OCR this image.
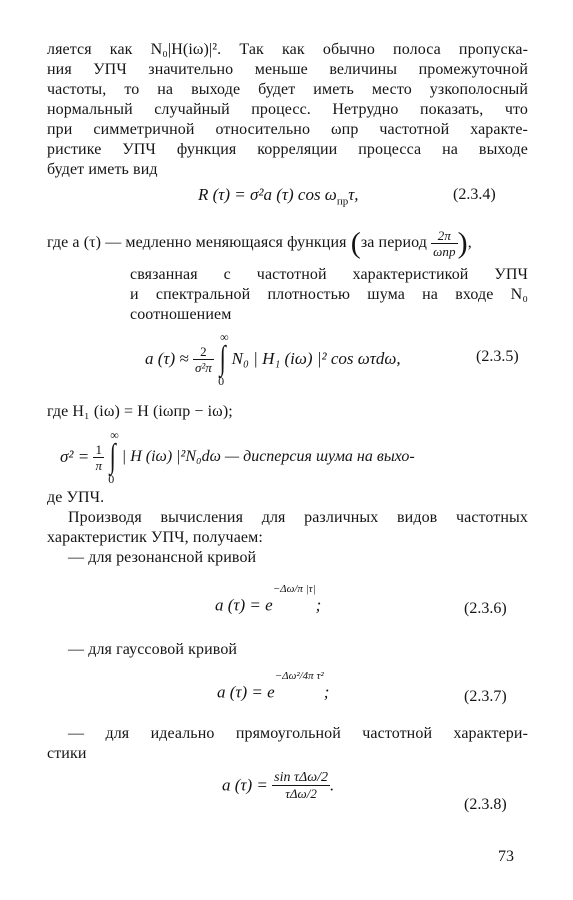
ляется как N₀|H(iω)|². Так как обычно полоса пропуска-
ния УПЧ значительно меньше величины промежуточной
частоты, то на выходе будет иметь место узкополосный
нормальный случайный процесс. Нетрудно показать, что
при симметричной относительно ωпр частотной характе-
ристике УПЧ функция корреляции процесса на выходе
будет иметь вид
R (τ) = σ²a (τ) $\cos \omega_{пр}\tau$,	(2.3.4)
где a (τ) — медленно меняющаяся функция (за период $\frac{2\pi}{\text{ωпр}}$ ),
связанная с частотной характеристикой УПЧ
и спектральной плотностью шума на входе N₀
соотношением
a $(\tau) \approx \frac{2}{\text{σ²π}}$ ∫
∞
0
N₀ | H₁ (iω) |² cos ωτdω,	(2.3.5)
где H₁ (iω) = H (iωпр − iω);
$\sigma^2 = \frac{1}{\pi}$ ∫
∞
0
| H (iω) |²N₀dω — дисперсия шума на выхо-
де УПЧ.
Производя вычисления для различных видов частотных
характеристик УПЧ, получаем:
— для резонансной кривой
a $(\tau) = e^{-\Delta\omega/\pi |\tau|}$;	(2.3.6)
— для гауссовой кривой
a $(\tau) = e^{-\Delta\omega^2/4\pi \tau^2}$;	(2.3.7)
— для идеально прямоугольной частотной характери-
стики
a $(\tau) = \frac{\text{sin τΔω/2}}{\text{τΔω/2}}$ .
(2.3.8)
73
